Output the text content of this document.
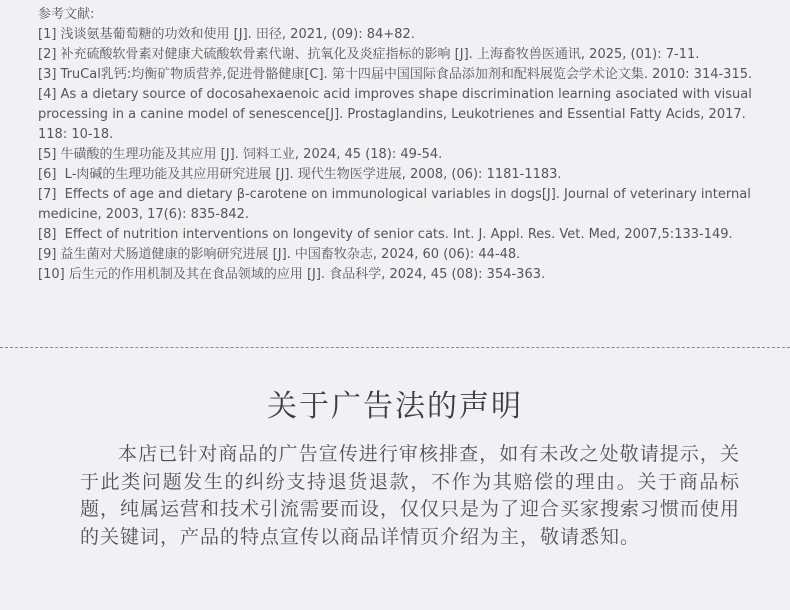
参考文献:

[1] 浅谈氨基葡萄糖的功效和使用 [J]. 田径, 2021, (09): 84+82.

[2] 补充硫酸软骨素对健康犬硫酸软骨素代谢、抗氧化及炎症指标的影响 [J]. 上海畜牧兽医通讯, 2025, (01): 7-11.

[3] TruCal乳钙:均衡矿物质营养,促进骨骼健康[C]. 第十四届中国国际食品添加剂和配料展览会学术论文集. 2010: 314-315.

[4] As a dietary source of docosahexaenoic acid improves shape discrimination learning asociated with visual processing in a canine model of senescence[J]. Prostaglandins, Leukotrienes and Essential Fatty Acids, 2017. 118: 10-18.

[5] 牛磺酸的生理功能及其应用 [J]. 饲料工业, 2024, 45 (18): 49-54.

[6]  L-肉碱的生理功能及其应用研究进展 [J]. 现代生物医学进展, 2008, (06): 1181-1183.

[7]  Effects of age and dietary β‑carotene on immunological variables in dogs[J]. Journal of veterinary internal medicine, 2003, 17(6): 835-842.

[8]  Effect of nutrition interventions on longevity of senior cats. Int. J. Appl. Res. Vet. Med, 2007,5:133-149.

[9] 益生菌对犬肠道健康的影响研究进展 [J]. 中国畜牧杂志, 2024, 60 (06): 44-48.

[10] 后生元的作用机制及其在食品领域的应用 [J]. 食品科学, 2024, 45 (08): 354-363.

关于广告法的声明

本店已针对商品的广告宣传进行审核排查，如有未改之处敬请提示，关于此类问题发生的纠纷支持退货退款，不作为其赔偿的理由。关于商品标题，纯属运营和技术引流需要而设，仅仅只是为了迎合买家搜索习惯而使用的关键词，产品的特点宣传以商品详情页介绍为主，敬请悉知。
